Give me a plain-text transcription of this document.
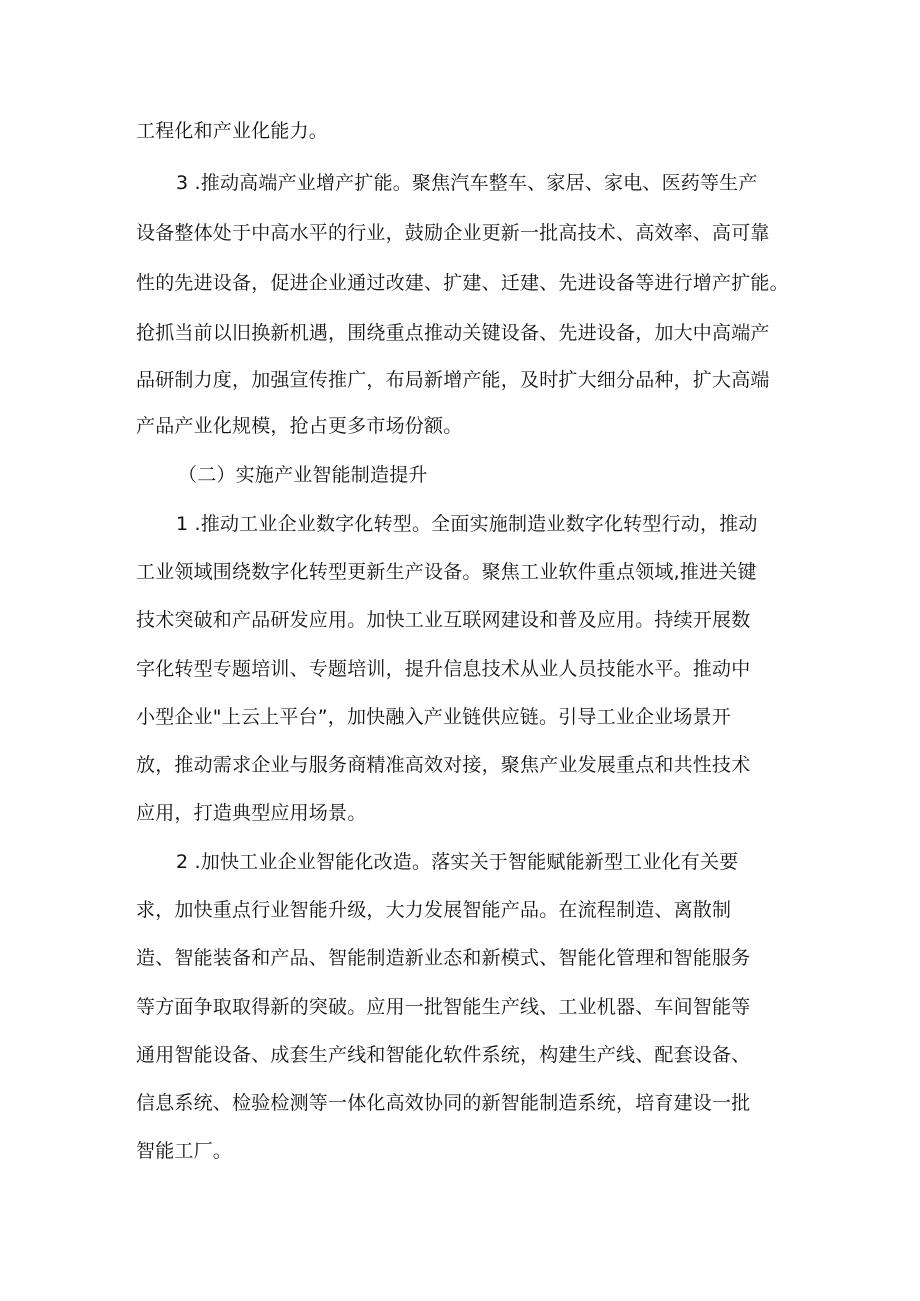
工程化和产业化能力。
3 .推动高端产业增产扩能。聚焦汽车整车、家居、家电、医药等生产
设备整体处于中高水平的行业，鼓励企业更新一批高技术、高效率、高可靠
性的先进设备，促进企业通过改建、扩建、迁建、先进设备等进行增产扩能。
抢抓当前以旧换新机遇，围绕重点推动关键设备、先进设备，加大中高端产
品研制力度，加强宣传推广，布局新增产能，及时扩大细分品种，扩大高端
产品产业化规模，抢占更多市场份额。
（二）实施产业智能制造提升
1 .推动工业企业数字化转型。全面实施制造业数字化转型行动，推动
工业领域围绕数字化转型更新生产设备。聚焦工业软件重点领域,推进关键
技术突破和产品研发应用。加快工业互联网建设和普及应用。持续开展数
字化转型专题培训、专题培训，提升信息技术从业人员技能水平。推动中
小型企业"上云上平台”，加快融入产业链供应链。引导工业企业场景开
放，推动需求企业与服务商精准高效对接，聚焦产业发展重点和共性技术
应用，打造典型应用场景。
2 .加快工业企业智能化改造。落实关于智能赋能新型工业化有关要
求，加快重点行业智能升级，大力发展智能产品。在流程制造、离散制
造、智能装备和产品、智能制造新业态和新模式、智能化管理和智能服务
等方面争取取得新的突破。应用一批智能生产线、工业机器、车间智能等
通用智能设备、成套生产线和智能化软件系统，构建生产线、配套设备、
信息系统、检验检测等一体化高效协同的新智能制造系统，培育建设一批
智能工厂。
